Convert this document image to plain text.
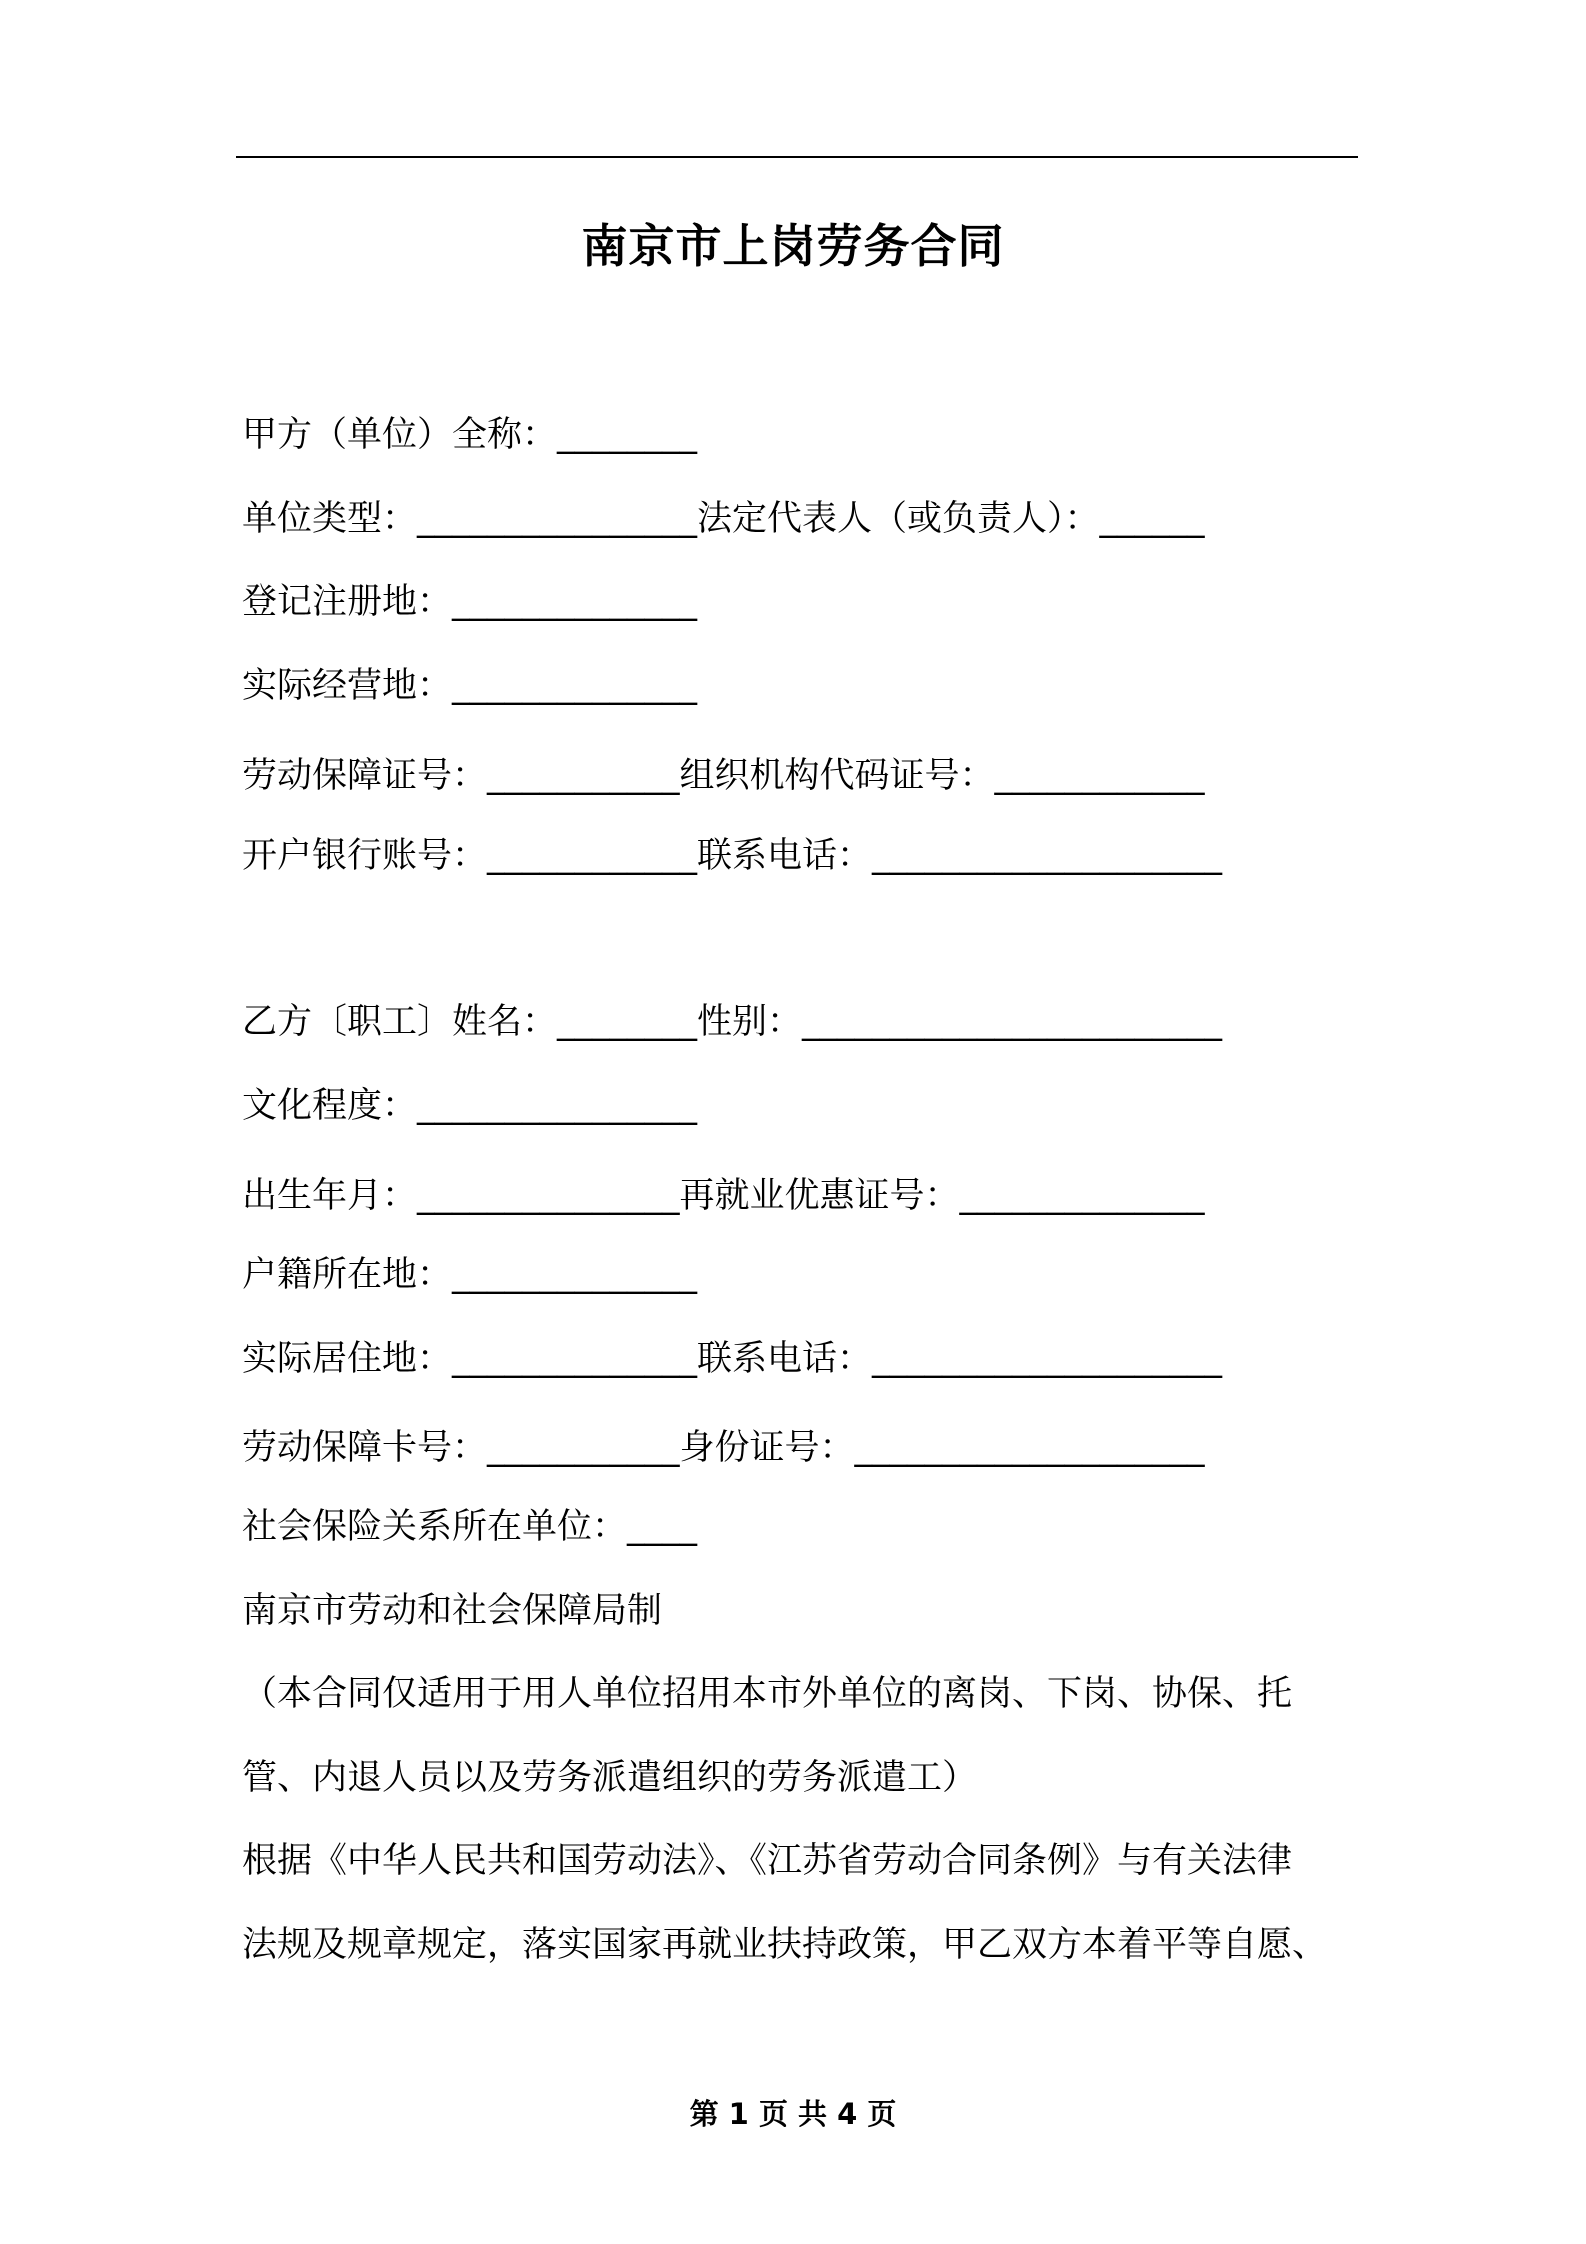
南京市上岗劳务合同
甲方（单位）全称：________
单位类型：________________法定代表人（或负责人）：______
登记注册地：______________
实际经营地：______________
劳动保障证号：___________组织机构代码证号：____________
开户银行账号：____________联系电话：____________________
乙方〔职工〕姓名：________性别：________________________
文化程度：________________
出生年月：_______________再就业优惠证号：______________
户籍所在地：______________
实际居住地：______________联系电话：____________________
劳动保障卡号：___________身份证号：____________________
社会保险关系所在单位：____
南京市劳动和社会保障局制
（本合同仅适用于用人单位招用本市外单位的离岗、下岗、协保、托
管、内退人员以及劳务派遣组织的劳务派遣工）
根据《中华人民共和国劳动法》、《江苏省劳动合同条例》与有关法律
法规及规章规定，落实国家再就业扶持政策，甲乙双方本着平等自愿、
第 1 页 共 4 页
